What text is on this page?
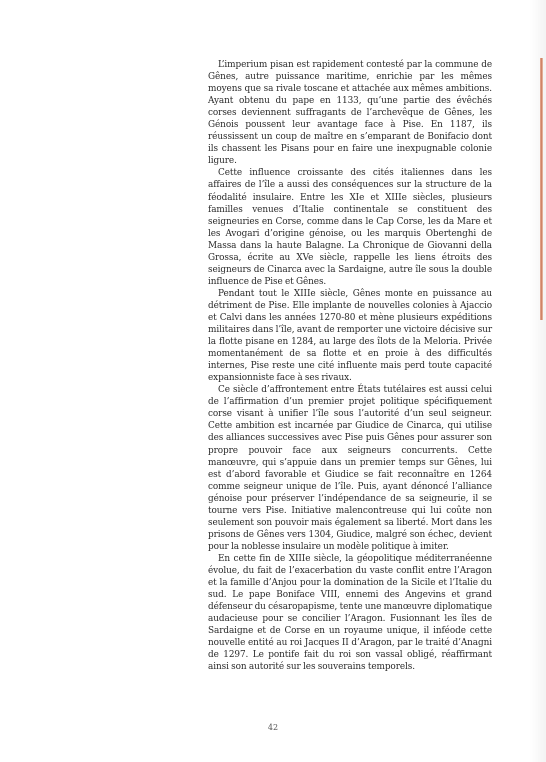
L’imperium pisan est rapidement contesté par la commune de Gênes, autre puissance maritime, enrichie par les mêmes moyens que sa rivale toscane et attachée aux mêmes ambitions. Ayant obtenu du pape en 1133, qu’une partie des évêchés corses deviennent suffragants de l’archevêque de Gênes, les Génois poussent leur avantage face à Pise. En 1187, ils réussissent un coup de maître en s’emparant de Bonifacio dont ils chassent les Pisans pour en faire une inexpugnable colonie ligure.

Cette influence croissante des cités italiennes dans les affaires de l’île a aussi des conséquences sur la structure de la féodalité insulaire. Entre les XIe et XIIIe siècles, plusieurs familles venues d’Italie continentale se constituent des seigneuries en Corse, comme dans le Cap Corse, les da Mare et les Avogari d’origine génoise, ou les marquis Obertenghi de Massa dans la haute Balagne. La Chronique de Giovanni della Grossa, écrite au XVe siècle, rappelle les liens étroits des seigneurs de Cinarca avec la Sardaigne, autre île sous la double influence de Pise et Gênes.

Pendant tout le XIIIe siècle, Gênes monte en puissance au détriment de Pise. Elle implante de nouvelles colonies à Ajaccio et Calvi dans les années 1270-80 et mène plusieurs expéditions militaires dans l’île, avant de remporter une victoire décisive sur la flotte pisane en 1284, au large des îlots de la Meloria. Privée momentanément de sa flotte et en proie à des difficultés internes, Pise reste une cité influente mais perd toute capacité expansionniste face à ses rivaux.

Ce siècle d’affrontement entre États tutélaires est aussi celui de l’affirmation d’un premier projet politique spécifiquement corse visant à unifier l’île sous l’autorité d’un seul seigneur. Cette ambition est incarnée par Giudice de Cinarca, qui utilise des alliances successives avec Pise puis Gênes pour assurer son propre pouvoir face aux seigneurs concurrents. Cette manœuvre, qui s’appuie dans un premier temps sur Gênes, lui est d’abord favorable et Giudice se fait reconnaître en 1264 comme seigneur unique de l’île. Puis, ayant dénoncé l’alliance génoise pour préserver l’indépendance de sa seigneurie, il se tourne vers Pise. Initiative malencontreuse qui lui coûte non seulement son pouvoir mais également sa liberté. Mort dans les prisons de Gênes vers 1304, Giudice, malgré son échec, devient pour la noblesse insulaire un modèle politique à imiter.

En cette fin de XIIIe siècle, la géopolitique méditerranéenne évolue, du fait de l’exacerbation du vaste conflit entre l’Aragon et la famille d’Anjou pour la domination de la Sicile et l’Italie du sud. Le pape Boniface VIII, ennemi des Angevins et grand défenseur du césaropapisme, tente une manœuvre diplomatique audacieuse pour se concilier l’Aragon. Fusionnant les îles de Sardaigne et de Corse en un royaume unique, il inféode cette nouvelle entité au roi Jacques II d’Aragon, par le traité d’Anagni de 1297. Le pontife fait du roi son vassal obligé, réaffirmant ainsi son autorité sur les souverains temporels.

42
